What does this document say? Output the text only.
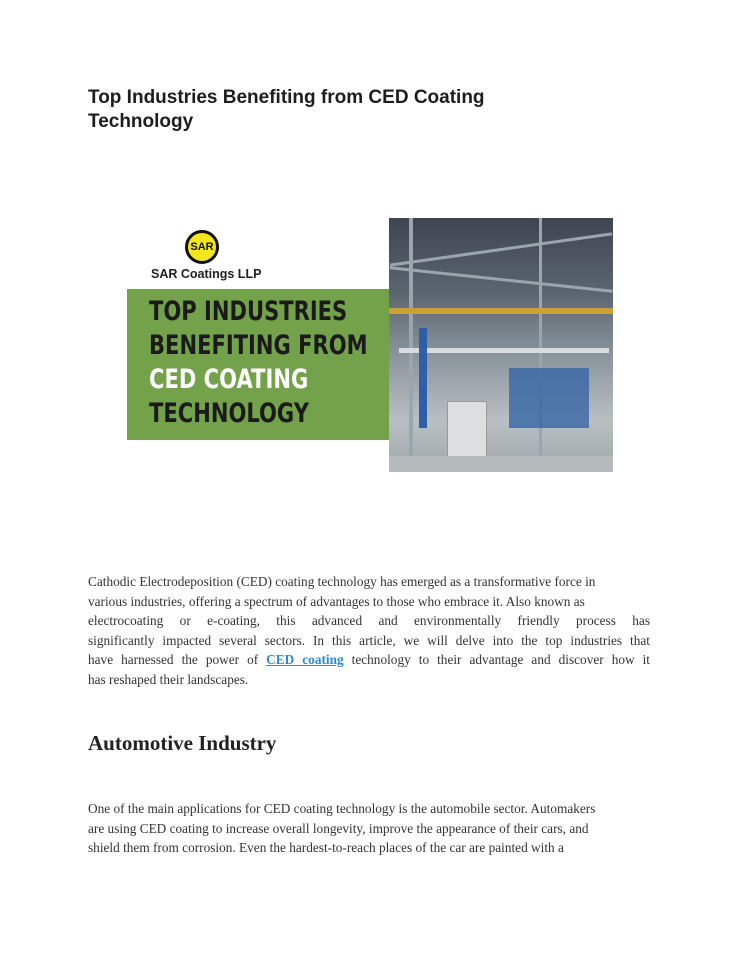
Top Industries Benefiting from CED Coating Technology
SAR
SAR Coatings LLP
TOP INDUSTRIES
BENEFITING FROM
CED COATING
TECHNOLOGY
Cathodic Electrodeposition (CED) coating technology has emerged as a transformative force in
various industries, offering a spectrum of advantages to those who embrace it. Also known as
electrocoating or e-coating, this advanced and environmentally friendly process has
significantly impacted several sectors. In this article, we will delve into the top industries that
have harnessed the power of CED coating technology to their advantage and discover how it
has reshaped their landscapes.
Automotive Industry
One of the main applications for CED coating technology is the automobile sector. Automakers
are using CED coating to increase overall longevity, improve the appearance of their cars, and
shield them from corrosion. Even the hardest-to-reach places of the car are painted with a
